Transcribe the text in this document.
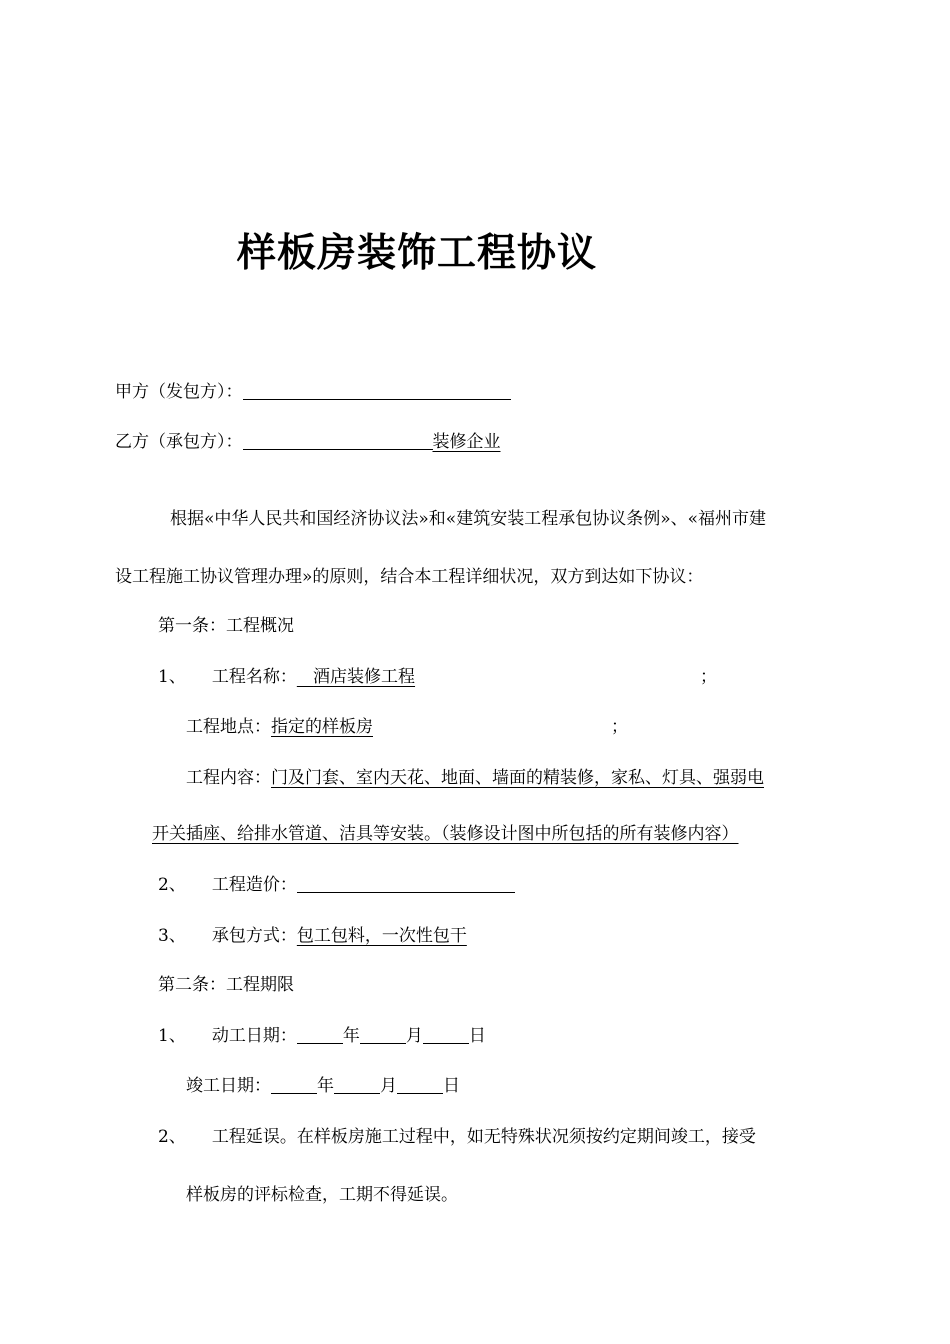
样板房装饰工程协议
甲方（发包方）：
乙方（承包方）：	装修企业
根据«中华人民共和国经济协议法»和«建筑安装工程承包协议条例»、«福州市建
设工程施工协议管理办理»的原则，结合本工程详细状况，双方到达如下协议：
第一条：工程概况
1、 工程名称： 酒店装修工程	；
工程地点：指定的样板房	；
工程内容：门及门套、室内天花、地面、墙面的精装修，家私、灯具、强弱电
开关插座、给排水管道、洁具等安装。（装修设计图中所包括的所有装修内容）
2、 工程造价：
3、 承包方式：包工包料，一次性包干
第二条：工程期限
1、 动工日期：	年	月	日
竣工日期：	年	月	日
2、 工程延误。在样板房施工过程中，如无特殊状况须按约定期间竣工，接受
样板房的评标检查，工期不得延误。
